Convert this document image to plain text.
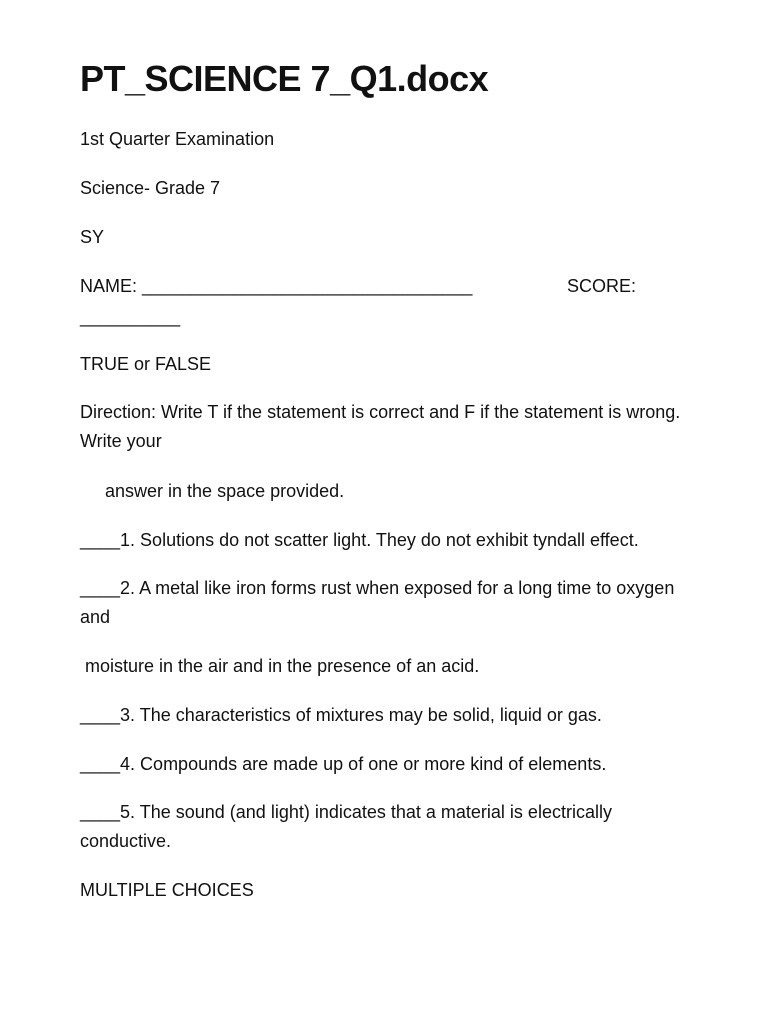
PT_SCIENCE 7_Q1.docx

1st Quarter Examination

Science- Grade 7

SY

NAME: _________________________________	SCORE:

__________

TRUE or FALSE

Direction: Write T if the statement is correct and F if the statement is wrong. Write your

answer in the space provided.

____1. Solutions do not scatter light. They do not exhibit tyndall effect.

____2. A metal like iron forms rust when exposed for a long time to oxygen and

moisture in the air and in the presence of an acid.

____3. The characteristics of mixtures may be solid, liquid or gas.

____4. Compounds are made up of one or more kind of elements.

____5. The sound (and light) indicates that a material is electrically conductive.

MULTIPLE CHOICES
